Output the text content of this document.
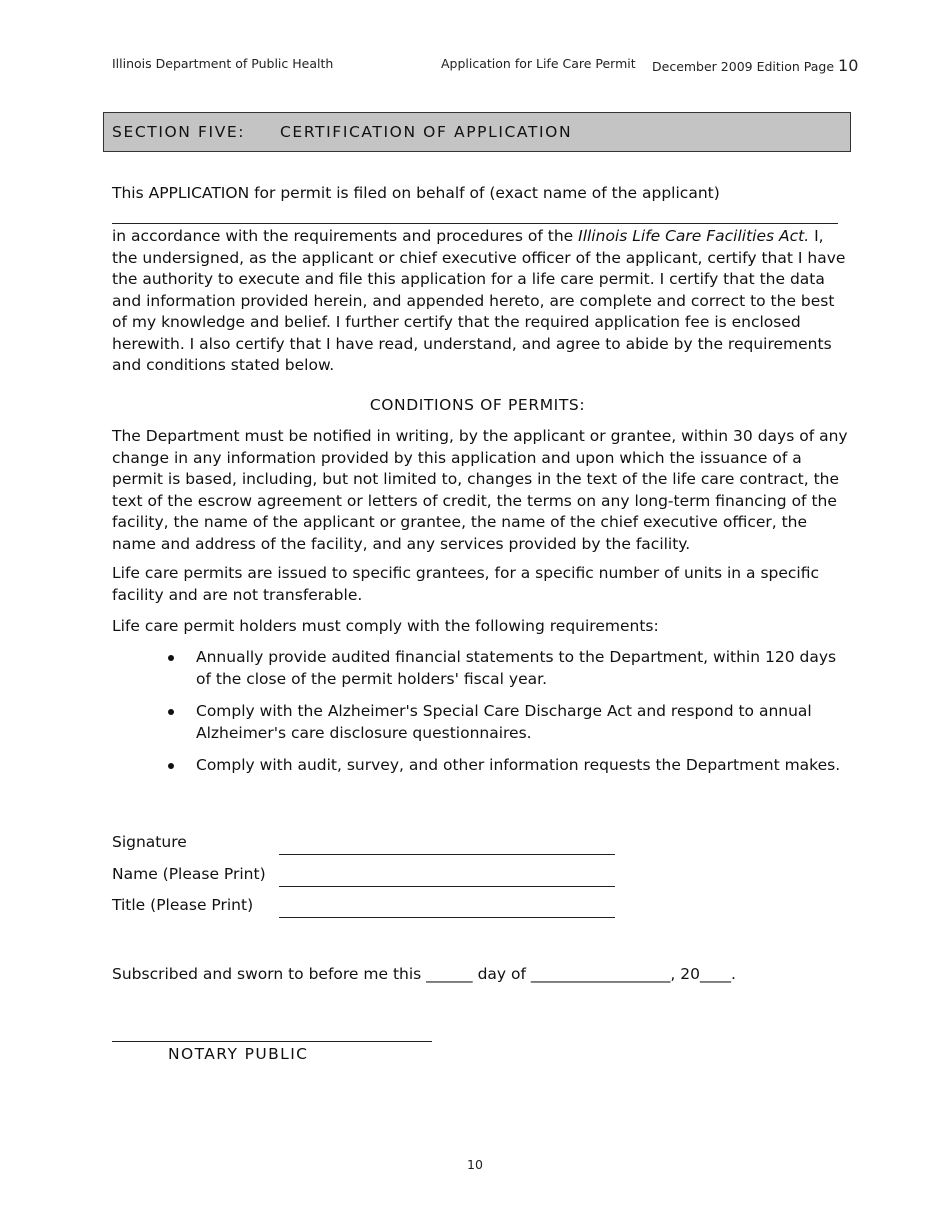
Illinois Department of Public Health	Application for Life Care Permit December 2009 Edition Page 10
SECTION FIVE: CERTIFICATION OF APPLICATION
This APPLICATION for permit is filed on behalf of (exact name of the applicant)
in accordance with the requirements and procedures of the Illinois Life Care Facilities Act. I, the undersigned, as the applicant or chief executive officer of the applicant, certify that I have the authority to execute and file this application for a life care permit. I certify that the data and information provided herein, and appended hereto, are complete and correct to the best of my knowledge and belief. I further certify that the required application fee is enclosed herewith. I also certify that I have read, understand, and agree to abide by the requirements and conditions stated below.
CONDITIONS OF PERMITS:
The Department must be notified in writing, by the applicant or grantee, within 30 days of any change in any information provided by this application and upon which the issuance of a permit is based, including, but not limited to, changes in the text of the life care contract, the text of the escrow agreement or letters of credit, the terms on any long-term financing of the facility, the name of the applicant or grantee, the name of the chief executive officer, the name and address of the facility, and any services provided by the facility.
Life care permits are issued to specific grantees, for a specific number of units in a specific facility and are not transferable.
Life care permit holders must comply with the following requirements:
Annually provide audited financial statements to the Department, within 120 days of the close of the permit holders' fiscal year.
Comply with the Alzheimer's Special Care Discharge Act and respond to annual Alzheimer's care disclosure questionnaires.
Comply with audit, survey, and other information requests the Department makes.
Signature
Name (Please Print)
Title (Please Print)
Subscribed and sworn to before me this ______ day of __________________, 20____.
NOTARY PUBLIC
10
